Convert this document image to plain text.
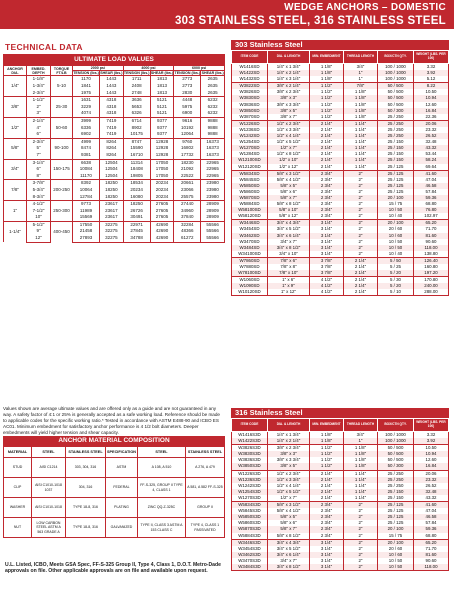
WEDGE ANCHORS – DOMESTIC
303 STAINLESS STEEL, 316 STAINLESS STEEL
TECHNICAL DATA
ULTIMATE LOAD VALUES
ANCHOR DIA.	EMBED. DEPTH	TORQUE FT/LB	2000 psi		4000 psi		6000 psi	
			TENSION (lbs.)	SHEAR (lbs.)	TENSION (lbs.)	SHEAR (lbs.)	TENSION (lbs.)	SHEAR (lbs.)
1/4"	1-1/8"	5-10	1170	1443	1711	1813	2773	2635
	1-3/4"		1841	1443	2408	1813	2773	2635
	2-3/4"		1975	1443	2748	1813	2830	2635
3/8"	1-1/2"	25-30	1631	4318	3636	5121	4448	6232
	2"		3229	4318	5653	5121	5975	6232
	3"		4074	4318	6326	5121	6900	6232
1/2"	2-1/4"	50-60	3999	7419	6714	9377	9616	9888
	4"		6336	7419	8902	9377	10192	9888
	6"		6902	7419	10175	9377	12064	9888
5/8"	2-3/4"	90-100	4999	8264	8747	12928	9760	16373
	5"		8474	8264	15590	12928	16802	16373
	7"		9381	8264	16710	12928	17732	16373
3/4"	3-1/4"	150-175	6638	12504	11314	17050	18230	22965
	6"		10084	12504	18408	17050	21092	22965
	8"		11170	12504	19805	17050	22522	22965
7/8"	3-7/8"	200-250	8392	18250	18534	20234	20661	23980
	5-3/4"		10064	18250	20234	20234	23066	23980
	8-3/4"		12784	18250	16080	20234	25575	23980
1"	4-1/2"	250-300	9773	23617	18250	27605	27440	28909
	7-1/2"		11989	23617	26726	27605	34960	28909
	10"		15569	23617	30491	27605	37840	28909
1-1/4"	5-1/2"	400-450	17550	32275	22971	42690	32284	55566
	9"		21458	32275	27845	42690	48366	55566
	12"		27893	32275	34788	42690	61272	55566
Values shown are average ultimate values and are offered only as a guide and are not guaranteed in any way. A safety factor of 4:1 or 25% is generally accepted as a safe working load. Reference should be made to applicable codes for the specific working ratio.* Tested in accordance with ASTM E488-90 and ICBO ES AC01. Minimum embedment for satisfactory anchor performance is 4 1/2 bolt diameters. Deeper embedments will yield higher tension and shear capacity.
ANCHOR MATERIAL COMPOSITION
MATERIAL	STEEL	STAINLESS STEEL	SPECIFICATION	STEEL	STAINLESS STEEL
STUD	AISI C1214	303, 304, 316	ASTM	A 108, A 510	A 276, A 479
CLIP	AISI C1010-1018 1037	304, 316	FEDERAL	FF-S-325, GROUP II TYPE 4, CLASS 1	A 581, A 582 FF-S-325
WASHER	AISI C1010-1018	TYPE 18-8, 316	PLATING	ZINC QQ-Z-325C	GROUP II
NUT	LOW CARBON STEEL ASTM A 563 GRADE A	TYPE 18-8, 316	GALVANIZED	TYPE II, CLASS 3 ASTM A 153 CLASS C	TYPE 4, CLASS 1 PASSIVATED
U.L. Listed, ICBO, Meets GSA Spec, FF-S-325 Group II, Type 4, Class 1, D.O.T. Metro-Dade approvals on file. Other applicable approvals are on file and available upon request.
303 Stainless Steel
ITEM CODE	DIA. & LENGTH	MIN. EMBEDMENT	THREAD LENGTH	BOX/CTN QTY.	WEIGHT (LBS. PER 100)
W1416SD	1/4" x 1 3/4"	1 1/8"	3/4"	100 / 1000	3.32
W1422SD	1/4" x 2 1/4"	1 1/8"	1"	100 / 1000	3.92
W1432SD	1/4" x 3 1/4"	1 1/8"	1"	100 / 1000	5.12
W3822SD	3/8" x 2 1/4"	1 1/2"	7/8"	50 / 500	8.22
W3826SD	3/8" x 2 3/4"	1 1/2"	1 1/8"	50 / 500	10.50
W3830SD	3/8" x 3"	1 1/2"	1 1/8"	50 / 500	10.94
W3836SD	3/8" x 3 3/4"	1 1/2"	1 1/8"	50 / 500	12.60
W3850SD	3/8" x 5"	1 1/2"	1 1/8"	50 / 300	16.84
W3870SD	3/8" x 7"	1 1/2"	1 1/8"	25 / 250	22.36
W1226SD	1/2" x 2 3/4"	2 1/4"	1 1/4"	25 / 250	20.06
W1236SD	1/2" x 3 3/4"	2 1/4"	1 1/4"	25 / 250	23.32
W1242SD	1/2" x 4 1/4"	2 1/4"	1 1/4"	25 / 250	26.52
W1254SD	1/2" x 5 1/2"	2 1/4"	1 1/4"	25 / 150	32.48
W1270SD	1/2" x 7"	2 1/4"	1 1/4"	25 / 150	43.32
W1284SD	1/2" x 8 1/2"	2 1/4"	1 1/4"	25 / 150	53.44
W12100SD	1/2" x 10"	2 1/4"	1 1/4"	25 / 150	58.24
W12120SD	1/2" x 12"	2 1/4"	1 1/4"	25 / 125	69.64
W5834SD	5/8" x 3 1/2"	2 3/4"	2"	25 / 125	41.60
W5845SD	5/8" x 4 1/2"	2 3/4"	2"	25 / 125	47.04
W5850SD	5/8" x 5"	2 3/4"	2"	25 / 125	46.58
W5860SD	5/8" x 6"	2 3/4"	2"	25 / 125	57.84
W5870SD	5/8" x 7"	2 3/4"	2"	20 / 100	59.36
W5884SD	5/8" x 8 1/2"	2 3/4"	2"	15 / 75	68.80
W58100SD	5/8" x 10"	2 3/4"	2"	10 / 50	76.80
W58120SD	5/8" x 12"	2 3/4"	2"	10 / 40	102.97
W3446SD	3/4" x 4 3/4"	3 1/4"	2"	20 / 100	65.20
W3454SD	3/4" x 5 1/2"	3 1/4"	2"	20 / 60	71.70
W3462SD	3/4" x 6 1/4"	3 1/4"	2"	10 / 60	81.60
W3470SD	3/4" x 7"	3 1/4"	2"	10 / 50	90.60
W3484SD	3/4" x 8 1/2"	3 1/4"	2"	10 / 50	118.00
W34100SD	3/4" x 10"	3 1/4"	2"	10 / 40	138.80
W7860SD	7/8" x 6"	3 7/8"	2 1/4"	5 / 50	126.40
W7880SD	7/8" x 8"	3 7/8"	2 1/4"	5 / 25	160.80
W78100SD	7/8" x 10"	3 7/8"	2 1/4"	5 / 20	197.20
W1060SD	1" x 6"	4 1/2"	2 1/4"	5 / 30	170.80
W1090SD	1" x 9"	4 1/2"	2 1/4"	5 / 20	240.00
W10120SD	1" x 12"	4 1/2"	2 1/4"	5 / 10	288.00
316 Stainless Steel
ITEM CODE	DIA. & LENGTH	MIN. EMBEDMENT	THREAD LENGTH	BOX/CTN QTY.	WEIGHT (LBS. PER 100)
W1416S3D	1/4" x 1 3/4"	1 1/8"	3/4"	100 / 1000	3.32
W1422S3D	1/4" x 2 1/4"	1 1/8"	1"	100 / 1000	3.92
W3826S3D	3/8" x 2 3/4"	1 1/2"	1 1/8"	50 / 500	10.50
W3830S3D	3/8" x 3"	1 1/2"	1 1/8"	50 / 500	10.94
W3836S3D	3/8" x 3 3/4"	1 1/2"	1 1/8"	50 / 500	12.60
W3850S3D	3/8" x 5"	1 1/2"	1 1/8"	50 / 300	16.84
W1226S3D	1/2" x 2 3/4"	2 1/4"	1 1/4"	25 / 250	20.06
W1236S3D	1/2" x 3 3/4"	2 1/4"	1 1/4"	25 / 250	23.32
W1242S3D	1/2" x 4 1/4"	2 1/4"	1 1/4"	25 / 250	26.52
W1254S3D	1/2" x 5 1/2"	2 1/4"	1 1/4"	25 / 150	32.48
W1270S3D	1/2" x 7"	2 1/4"	1 1/4"	25 / 150	43.32
W5834S3D	5/8" x 3 1/2"	2 3/4"	2"	25 / 125	41.60
W5845S3D	5/8" x 4 1/2"	2 3/4"	2"	25 / 125	47.04
W5850S3D	5/8" x 5"	2 3/4"	2"	25 / 125	46.58
W5860S3D	5/8" x 6"	2 3/4"	2"	25 / 125	57.84
W5870S3D	5/8" x 7"	2 3/4"	2"	20 / 100	59.36
W5884S3D	5/8" x 8 1/2"	2 3/4"	2"	15 / 75	68.80
W3446S3D	3/4" x 4 3/4"	3 1/4"	2"	20 / 100	65.20
W3454S3D	3/4" x 5 1/2"	3 1/4"	2"	20 / 60	71.70
W3462S3D	3/4" x 6 1/4"	3 1/4"	2"	10 / 60	81.60
W3470S3D	3/4" x 7"	3 1/4"	2"	10 / 50	90.60
W3484S3D	3/4" x 8 1/2"	3 1/4"	2"	10 / 50	118.00
